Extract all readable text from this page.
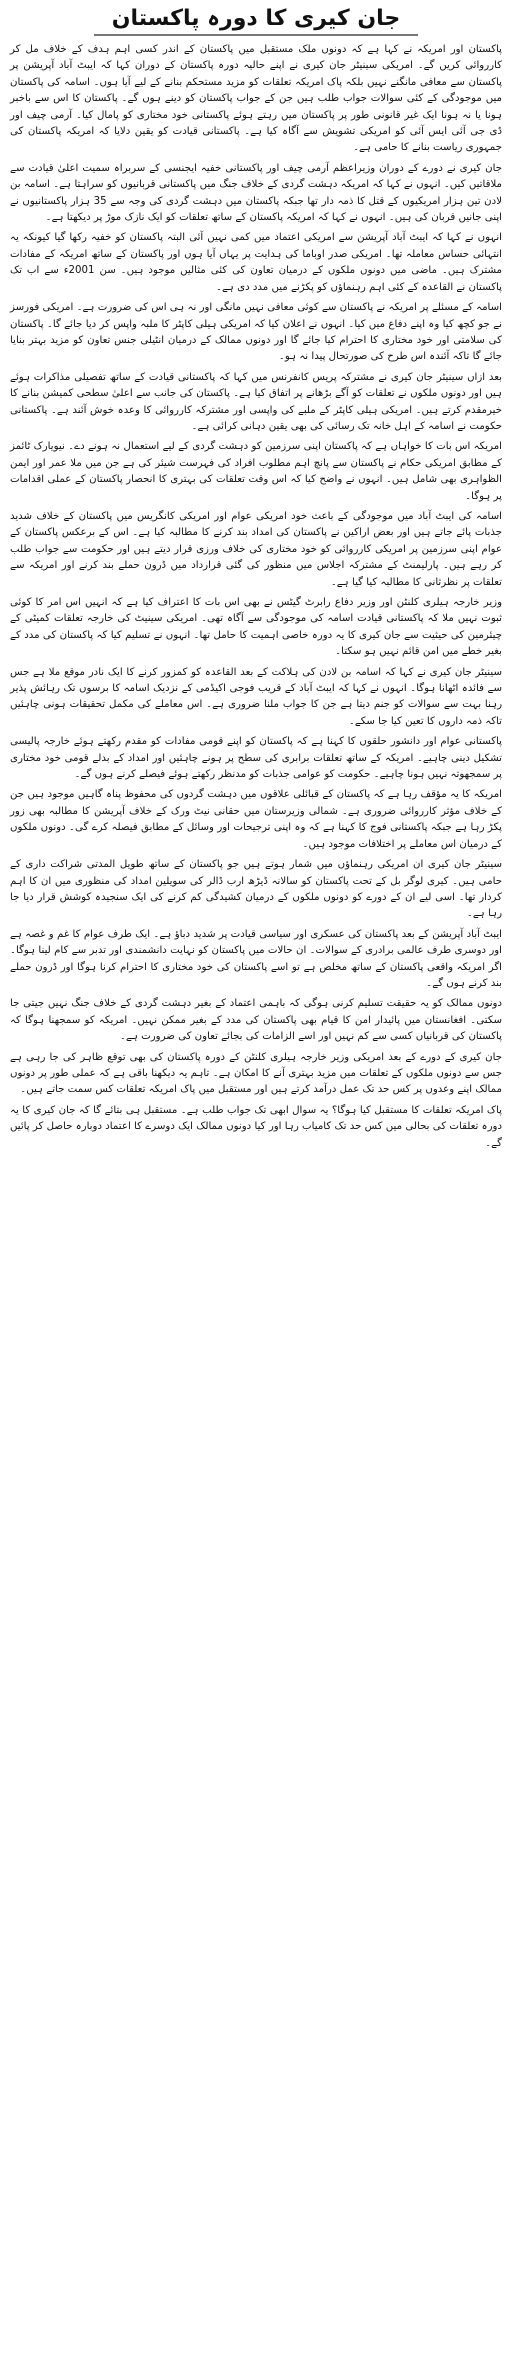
جان کیری کا دورہ پاکستان

پاکستان اور امریکہ نے کہا ہے کہ دونوں ملک مستقبل میں پاکستان کے اندر کسی اہم ہدف کے خلاف مل کر کارروائی کریں گے۔ امریکی سینیٹر جان کیری نے اپنے حالیہ دورہ پاکستان کے دوران کہا کہ ایبٹ آباد آپریشن پر پاکستان سے معافی مانگنے نہیں بلکہ پاک امریکہ تعلقات کو مزید مستحکم بنانے کے لیے آیا ہوں۔ اسامہ کی پاکستان میں موجودگی کے کئی سوالات جواب طلب ہیں جن کے جواب پاکستان کو دینے ہوں گے۔ پاکستان کا اس سے باخبر ہونا یا نہ ہونا ایک غیر قانونی طور پر پاکستان میں رہتے ہوئے پاکستانی خود مختاری کو پامال کیا۔ آرمی چیف اور ڈی جی آئی ایس آئی کو امریکی تشویش سے آگاہ کیا ہے۔ پاکستانی قیادت کو یقین دلایا کہ امریکہ پاکستان کی جمہوری ریاست بنانے کا حامی ہے۔

جان کیری نے دورے کے دوران وزیراعظم آرمی چیف اور پاکستانی خفیہ ایجنسی کے سربراہ سمیت اعلیٰ قیادت سے ملاقاتیں کیں۔ انہوں نے کہا کہ امریکہ دہشت گردی کے خلاف جنگ میں پاکستانی قربانیوں کو سراہتا ہے۔ اسامہ بن لادن تین ہزار امریکیوں کے قتل کا ذمہ دار تھا جبکہ پاکستان میں دہشت گردی کی وجہ سے 35 ہزار پاکستانیوں نے اپنی جانیں قربان کی ہیں۔ انہوں نے کہا کہ امریکہ پاکستان کے ساتھ تعلقات کو ایک نازک موڑ پر دیکھتا ہے۔

انہوں نے کہا کہ ایبٹ آباد آپریشن سے امریکی اعتماد میں کمی نہیں آئی البتہ پاکستان کو خفیہ رکھا گیا کیونکہ یہ انتہائی حساس معاملہ تھا۔ امریکی صدر اوباما کی ہدایت پر یہاں آیا ہوں اور پاکستان کے ساتھ امریکہ کے مفادات مشترک ہیں۔ ماضی میں دونوں ملکوں کے درمیان تعاون کی کئی مثالیں موجود ہیں۔ سن 2001ء سے اب تک پاکستان نے القاعدہ کے کئی اہم رہنماؤں کو پکڑنے میں مدد دی ہے۔

اسامہ کے مسئلے پر امریکہ نے پاکستان سے کوئی معافی نہیں مانگی اور نہ ہی اس کی ضرورت ہے۔ امریکی فورسز نے جو کچھ کیا وہ اپنے دفاع میں کیا۔ انہوں نے اعلان کیا کہ امریکی ہیلی کاپٹر کا ملبہ واپس کر دیا جائے گا۔ پاکستان کی سلامتی اور خود مختاری کا احترام کیا جائے گا اور دونوں ممالک کے درمیان انٹیلی جنس تعاون کو مزید بہتر بنایا جائے گا تاکہ آئندہ اس طرح کی صورتحال پیدا نہ ہو۔

بعد ازاں سینیٹر جان کیری نے مشترکہ پریس کانفرنس میں کہا کہ پاکستانی قیادت کے ساتھ تفصیلی مذاکرات ہوئے ہیں اور دونوں ملکوں نے تعلقات کو آگے بڑھانے پر اتفاق کیا ہے۔ پاکستان کی جانب سے اعلیٰ سطحی کمیشن بنانے کا خیرمقدم کرتے ہیں۔ امریکی ہیلی کاپٹر کے ملبے کی واپسی اور مشترکہ کارروائی کا وعدہ خوش آئند ہے۔ پاکستانی حکومت نے اسامہ کے اہل خانہ تک رسائی کی بھی یقین دہانی کرائی ہے۔

امریکہ اس بات کا خواہاں ہے کہ پاکستان اپنی سرزمین کو دہشت گردی کے لیے استعمال نہ ہونے دے۔ نیویارک ٹائمز کے مطابق امریکی حکام نے پاکستان سے پانچ اہم مطلوب افراد کی فہرست شیئر کی ہے جن میں ملا عمر اور ایمن الظواہری بھی شامل ہیں۔ انہوں نے واضح کیا کہ اس وقت تعلقات کی بہتری کا انحصار پاکستان کے عملی اقدامات پر ہوگا۔

اسامہ کی ایبٹ آباد میں موجودگی کے باعث خود امریکی عوام اور امریکی کانگریس میں پاکستان کے خلاف شدید جذبات پائے جاتے ہیں اور بعض اراکین نے پاکستان کی امداد بند کرنے کا مطالبہ کیا ہے۔ اس کے برعکس پاکستان کے عوام اپنی سرزمین پر امریکی کارروائی کو خود مختاری کی خلاف ورزی قرار دیتے ہیں اور حکومت سے جواب طلب کر رہے ہیں۔ پارلیمنٹ کے مشترکہ اجلاس میں منظور کی گئی قرارداد میں ڈرون حملے بند کرنے اور امریکہ سے تعلقات پر نظرثانی کا مطالبہ کیا گیا ہے۔

وزیر خارجہ ہیلری کلنٹن اور وزیر دفاع رابرٹ گیٹس نے بھی اس بات کا اعتراف کیا ہے کہ انہیں اس امر کا کوئی ثبوت نہیں ملا کہ پاکستانی قیادت اسامہ کی موجودگی سے آگاہ تھی۔ امریکی سینیٹ کی خارجہ تعلقات کمیٹی کے چیئرمین کی حیثیت سے جان کیری کا یہ دورہ خاصی اہمیت کا حامل تھا۔ انہوں نے تسلیم کیا کہ پاکستان کی مدد کے بغیر خطے میں امن قائم نہیں ہو سکتا۔

سینیٹر جان کیری نے کہا کہ اسامہ بن لادن کی ہلاکت کے بعد القاعدہ کو کمزور کرنے کا ایک نادر موقع ملا ہے جس سے فائدہ اٹھانا ہوگا۔ انہوں نے کہا کہ ایبٹ آباد کے قریب فوجی اکیڈمی کے نزدیک اسامہ کا برسوں تک رہائش پذیر رہنا بہت سے سوالات کو جنم دیتا ہے جن کا جواب ملنا ضروری ہے۔ اس معاملے کی مکمل تحقیقات ہونی چاہئیں تاکہ ذمہ داروں کا تعین کیا جا سکے۔

پاکستانی عوام اور دانشور حلقوں کا کہنا ہے کہ پاکستان کو اپنے قومی مفادات کو مقدم رکھتے ہوئے خارجہ پالیسی تشکیل دینی چاہیے۔ امریکہ کے ساتھ تعلقات برابری کی سطح پر ہونے چاہئیں اور امداد کے بدلے قومی خود مختاری پر سمجھوتہ نہیں ہونا چاہیے۔ حکومت کو عوامی جذبات کو مدنظر رکھتے ہوئے فیصلے کرنے ہوں گے۔

امریکہ کا یہ مؤقف رہا ہے کہ پاکستان کے قبائلی علاقوں میں دہشت گردوں کی محفوظ پناہ گاہیں موجود ہیں جن کے خلاف مؤثر کارروائی ضروری ہے۔ شمالی وزیرستان میں حقانی نیٹ ورک کے خلاف آپریشن کا مطالبہ بھی زور پکڑ رہا ہے جبکہ پاکستانی فوج کا کہنا ہے کہ وہ اپنی ترجیحات اور وسائل کے مطابق فیصلہ کرے گی۔ دونوں ملکوں کے درمیان اس معاملے پر اختلافات موجود ہیں۔

سینیٹر جان کیری ان امریکی رہنماؤں میں شمار ہوتے ہیں جو پاکستان کے ساتھ طویل المدتی شراکت داری کے حامی ہیں۔ کیری لوگر بل کے تحت پاکستان کو سالانہ ڈیڑھ ارب ڈالر کی سویلین امداد کی منظوری میں ان کا اہم کردار تھا۔ اسی لیے ان کے دورے کو دونوں ملکوں کے درمیان کشیدگی کم کرنے کی ایک سنجیدہ کوشش قرار دیا جا رہا ہے۔

ایبٹ آباد آپریشن کے بعد پاکستان کی عسکری اور سیاسی قیادت پر شدید دباؤ ہے۔ ایک طرف عوام کا غم و غصہ ہے اور دوسری طرف عالمی برادری کے سوالات۔ ان حالات میں پاکستان کو نہایت دانشمندی اور تدبر سے کام لینا ہوگا۔ اگر امریکہ واقعی پاکستان کے ساتھ مخلص ہے تو اسے پاکستان کی خود مختاری کا احترام کرنا ہوگا اور ڈرون حملے بند کرنے ہوں گے۔

دونوں ممالک کو یہ حقیقت تسلیم کرنی ہوگی کہ باہمی اعتماد کے بغیر دہشت گردی کے خلاف جنگ نہیں جیتی جا سکتی۔ افغانستان میں پائیدار امن کا قیام بھی پاکستان کی مدد کے بغیر ممکن نہیں۔ امریکہ کو سمجھنا ہوگا کہ پاکستان کی قربانیاں کسی سے کم نہیں اور اسے الزامات کی بجائے تعاون کی ضرورت ہے۔

جان کیری کے دورے کے بعد امریکی وزیر خارجہ ہیلری کلنٹن کے دورہ پاکستان کی بھی توقع ظاہر کی جا رہی ہے جس سے دونوں ملکوں کے تعلقات میں مزید بہتری آنے کا امکان ہے۔ تاہم یہ دیکھنا باقی ہے کہ عملی طور پر دونوں ممالک اپنے وعدوں پر کس حد تک عمل درآمد کرتے ہیں اور مستقبل میں پاک امریکہ تعلقات کس سمت جاتے ہیں۔

پاک امریکہ تعلقات کا مستقبل کیا ہوگا؟ یہ سوال ابھی تک جواب طلب ہے۔ مستقبل ہی بتائے گا کہ جان کیری کا یہ دورہ تعلقات کی بحالی میں کس حد تک کامیاب رہا اور کیا دونوں ممالک ایک دوسرے کا اعتماد دوبارہ حاصل کر پائیں گے۔
